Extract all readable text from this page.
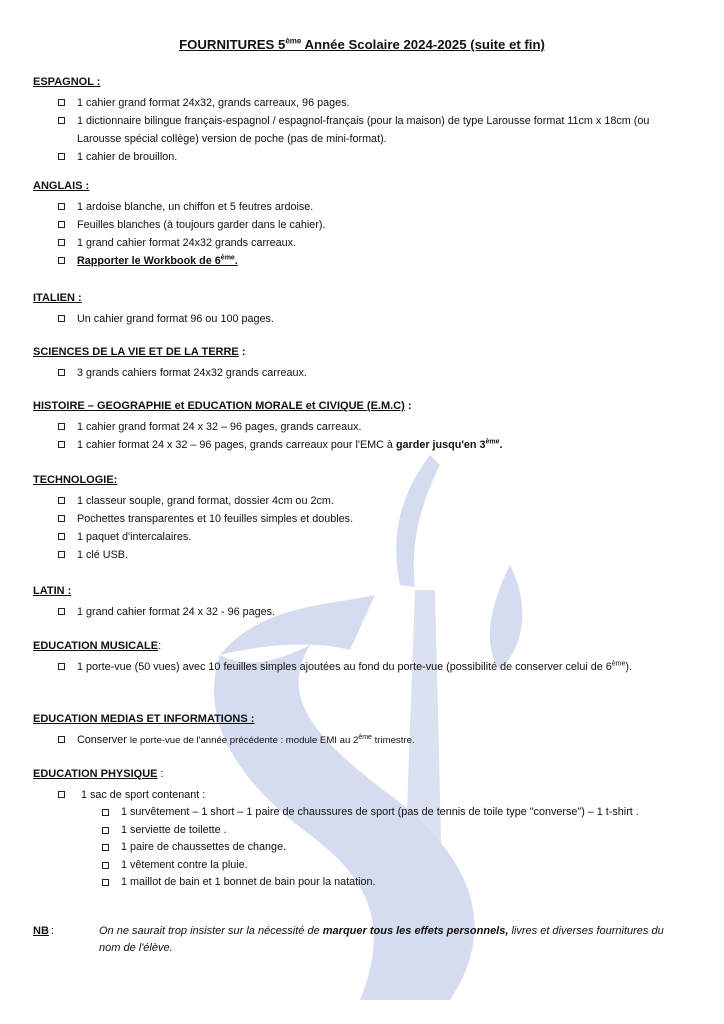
FOURNITURES 5ème Année Scolaire 2024-2025 (suite et fin)
ESPAGNOL :
1 cahier grand format 24x32, grands carreaux, 96 pages.
1 dictionnaire bilingue français-espagnol / espagnol-français (pour la maison) de type Larousse format 11cm x 18cm (ou Larousse spécial collège) version de poche (pas de mini-format).
1 cahier de brouillon.
ANGLAIS :
1 ardoise blanche, un chiffon et 5 feutres ardoise.
Feuilles blanches (à toujours garder dans le cahier).
1 grand cahier format 24x32 grands carreaux.
Rapporter le Workbook de 6ème.
ITALIEN :
Un cahier grand format 96 ou 100 pages.
SCIENCES DE LA VIE ET DE LA TERRE :
3 grands cahiers format 24x32 grands carreaux.
HISTOIRE – GEOGRAPHIE et EDUCATION MORALE et CIVIQUE (E.M.C) :
1 cahier grand format 24 x 32 – 96 pages, grands carreaux.
1 cahier format 24 x 32 – 96 pages, grands carreaux pour l'EMC à garder jusqu'en 3ème.
TECHNOLOGIE:
1 classeur souple, grand format, dossier 4cm ou 2cm.
Pochettes transparentes et 10 feuilles simples et doubles.
1 paquet d'intercalaires.
1 clé USB.
LATIN :
1 grand cahier format 24 x 32 - 96 pages.
EDUCATION MUSICALE:
1 porte-vue (50 vues) avec 10 feuilles simples ajoutées au fond du porte-vue (possibilité de conserver celui de 6ème).
EDUCATION MEDIAS ET INFORMATIONS :
Conserver le porte-vue de l'année précédente : module EMI au 2ème trimestre.
EDUCATION PHYSIQUE :
1 sac de sport contenant :
1 survêtement – 1 short – 1 paire de chaussures de sport (pas de tennis de toile type "converse") – 1 t-shirt .
1 serviette de toilette .
1 paire de chaussettes de change.
1 vêtement contre la pluie.
1 maillot de bain et 1 bonnet de bain pour la natation.
NB :	On ne saurait trop insister sur la nécessité de marquer tous les effets personnels, livres et diverses fournitures du nom de l'élève.
